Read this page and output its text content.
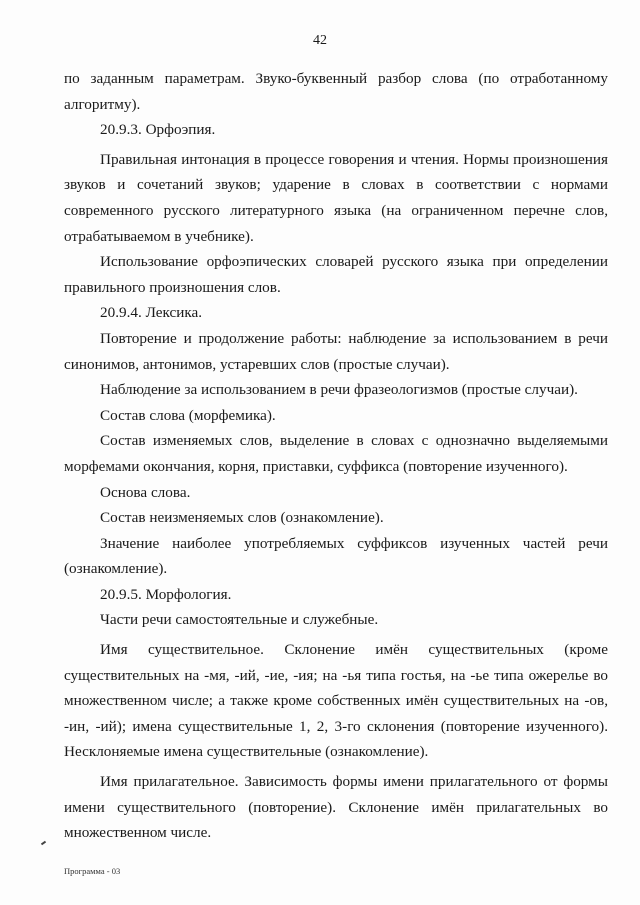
42

по заданным параметрам. Звуко-буквенный разбор слова (по отработанному алгоритму).

20.9.3. Орфоэпия.

Правильная интонация в процессе говорения и чтения. Нормы произношения звуков и сочетаний звуков; ударение в словах в соответствии с нормами современного русского литературного языка (на ограниченном перечне слов, отрабатываемом в учебнике).

Использование орфоэпических словарей русского языка при определении правильного произношения слов.

20.9.4. Лексика.

Повторение и продолжение работы: наблюдение за использованием в речи синонимов, антонимов, устаревших слов (простые случаи).

Наблюдение за использованием в речи фразеологизмов (простые случаи).

Состав слова (морфемика).

Состав изменяемых слов, выделение в словах с однозначно выделяемыми морфемами окончания, корня, приставки, суффикса (повторение изученного).

Основа слова.

Состав неизменяемых слов (ознакомление).

Значение наиболее употребляемых суффиксов изученных частей речи (ознакомление).

20.9.5. Морфология.

Части речи самостоятельные и служебные.

Имя существительное. Склонение имён существительных (кроме существительных на -мя, -ий, -ие, -ия; на -ья типа гостья, на -ье типа ожерелье во множественном числе; а также кроме собственных имён существительных на -ов, -ин, -ий); имена существительные 1, 2, 3-го склонения (повторение изученного). Несклоняемые имена существительные (ознакомление).

Имя прилагательное. Зависимость формы имени прилагательного от формы имени существительного (повторение). Склонение имён прилагательных во множественном числе.

Программа - 03
